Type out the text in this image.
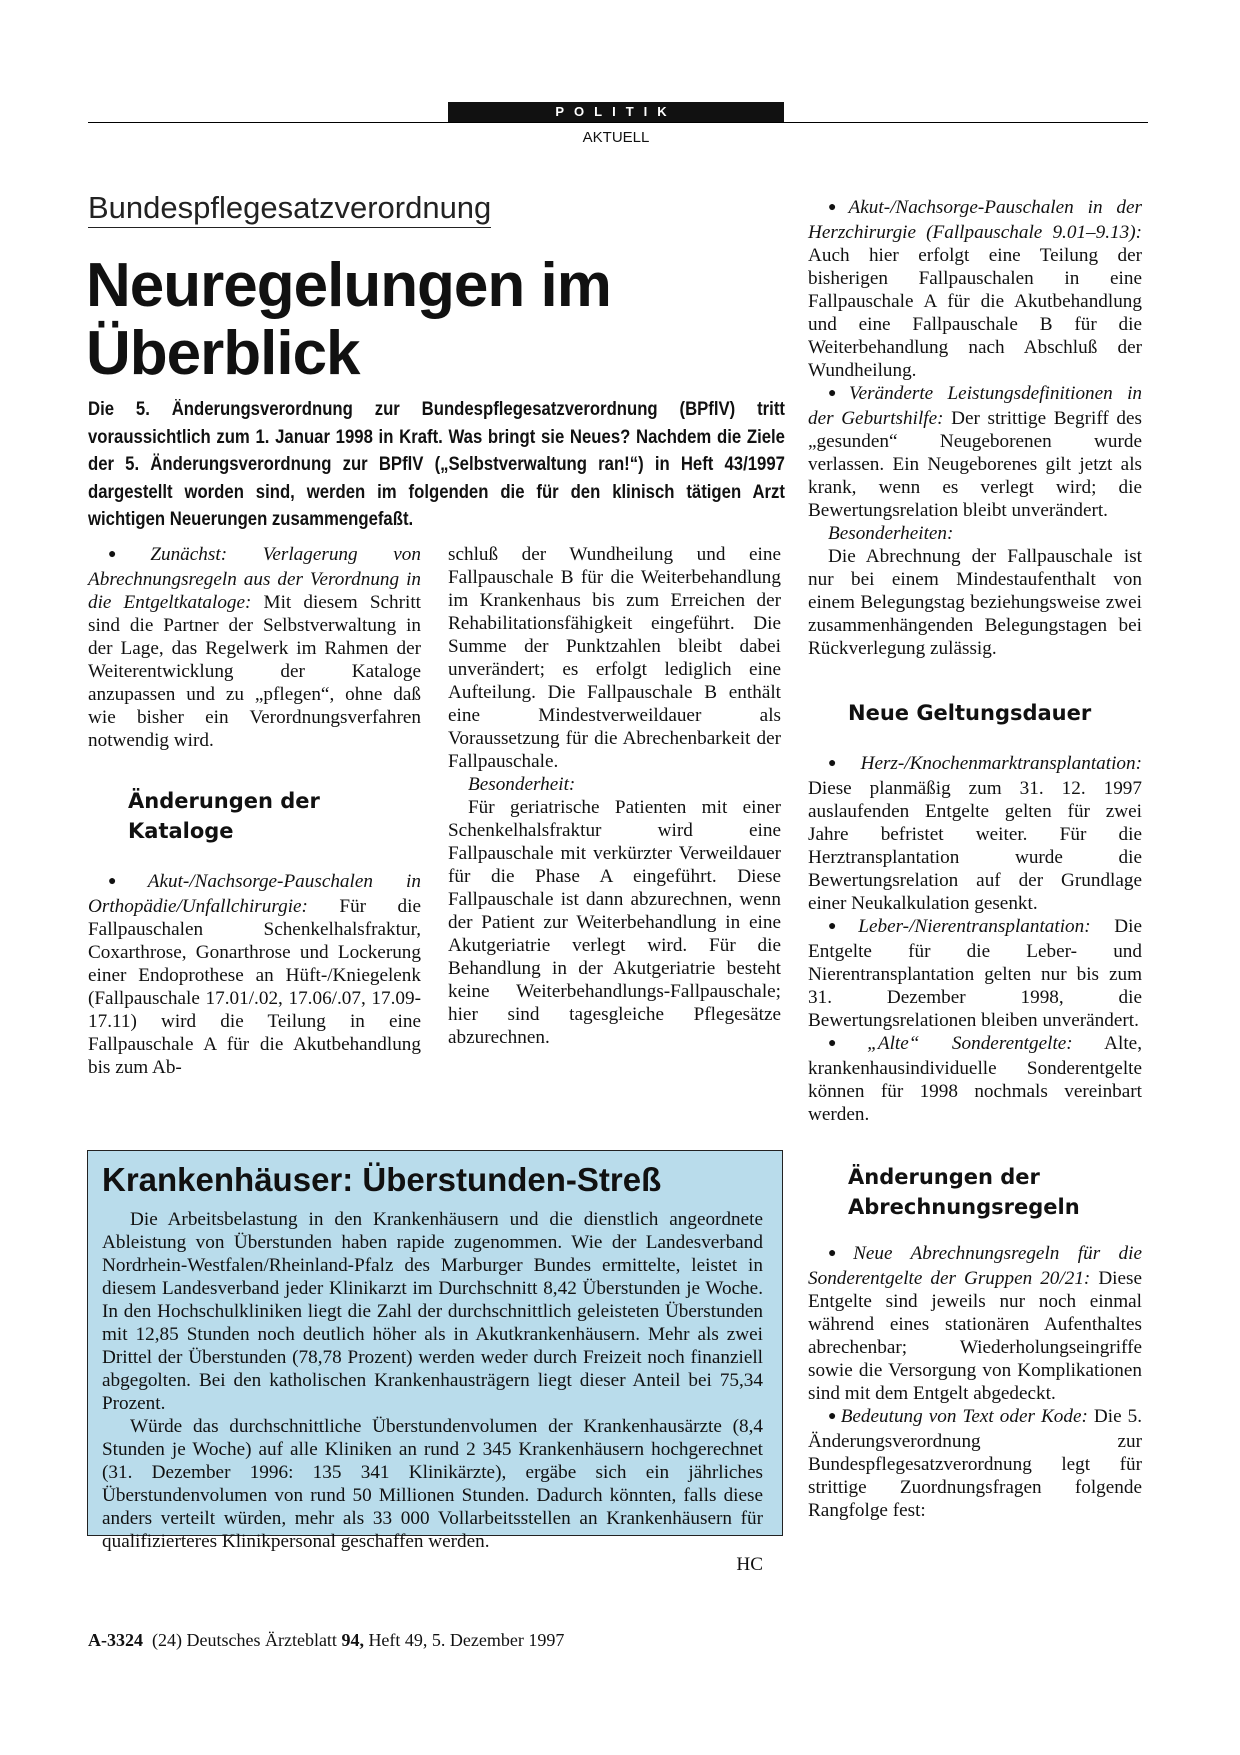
POLITIK
AKTUELL
Bundespflegesatzverordnung
Neuregelungen im
Überblick
Die 5. Änderungsverordnung zur Bundespflegesatzverordnung (BPflV) tritt voraussichtlich zum 1. Januar 1998 in Kraft. Was bringt sie Neues? Nachdem die Ziele der 5. Änderungsverordnung zur BPflV („Selbstverwaltung ran!“) in Heft 43/1997 dargestellt worden sind, werden im folgenden die für den klinisch tätigen Arzt wichtigen Neuerungen zusammengefaßt.

● Zunächst: Verlagerung von Abrechnungsregeln aus der Verordnung in die Entgeltkataloge: Mit diesem Schritt sind die Partner der Selbstverwaltung in der Lage, das Regelwerk im Rahmen der Weiterentwicklung der Kataloge anzupassen und zu „pflegen“, ohne daß wie bisher ein Verordnungsverfahren notwendig wird.

Änderungen der
Kataloge

● Akut-/Nachsorge-Pauschalen in Orthopädie/Unfallchirurgie: Für die Fallpauschalen Schenkelhalsfraktur, Coxarthrose, Gonarthrose und Lockerung einer Endoprothese an Hüft-/Kniegelenk (Fallpauschale 17.01/.02, 17.06/.07, 17.09-17.11) wird die Teilung in eine Fallpauschale A für die Akutbehandlung bis zum Ab-

schluß der Wundheilung und eine Fallpauschale B für die Weiterbehandlung im Krankenhaus bis zum Erreichen der Rehabilitationsfähigkeit eingeführt. Die Summe der Punktzahlen bleibt dabei unverändert; es erfolgt lediglich eine Aufteilung. Die Fallpauschale B enthält eine Mindestverweildauer als Voraussetzung für die Abrechenbarkeit der Fallpauschale.

Besonderheit:

Für geriatrische Patienten mit einer Schenkelhalsfraktur wird eine Fallpauschale mit verkürzter Verweildauer für die Phase A eingeführt. Diese Fallpauschale ist dann abzurechnen, wenn der Patient zur Weiterbehandlung in eine Akutgeriatrie verlegt wird. Für die Behandlung in der Akutgeriatrie besteht keine Weiterbehandlungs-Fallpauschale; hier sind tagesgleiche Pflegesätze abzurechnen.

● Akut-/Nachsorge-Pauschalen in der Herzchirurgie (Fallpauschale 9.01–9.13): Auch hier erfolgt eine Teilung der bisherigen Fallpauschalen in eine Fallpauschale A für die Akutbehandlung und eine Fallpauschale B für die Weiterbehandlung nach Abschluß der Wundheilung.

● Veränderte Leistungsdefinitionen in der Geburtshilfe: Der strittige Begriff des „gesunden“ Neugeborenen wurde verlassen. Ein Neugeborenes gilt jetzt als krank, wenn es verlegt wird; die Bewertungsrelation bleibt unverändert.

Besonderheiten:

Die Abrechnung der Fallpauschale ist nur bei einem Mindestaufenthalt von einem Belegungstag beziehungsweise zwei zusammenhängenden Belegungstagen bei Rückverlegung zulässig.

Neue Geltungsdauer

● Herz-/Knochenmarktransplantation: Diese planmäßig zum 31. 12. 1997 auslaufenden Entgelte gelten für zwei Jahre befristet weiter. Für die Herztransplantation wurde die Bewertungsrelation auf der Grundlage einer Neukalkulation gesenkt.

● Leber-/Nierentransplantation: Die Entgelte für die Leber- und Nierentransplantation gelten nur bis zum 31. Dezember 1998, die Bewertungsrelationen bleiben unverändert.

● „Alte“ Sonderentgelte: Alte, krankenhausindividuelle Sonderentgelte können für 1998 nochmals vereinbart werden.

Änderungen der
Abrechnungsregeln

● Neue Abrechnungsregeln für die Sonderentgelte der Gruppen 20/21: Diese Entgelte sind jeweils nur noch einmal während eines stationären Aufenthaltes abrechenbar; Wiederholungseingriffe sowie die Versorgung von Komplikationen sind mit dem Entgelt abgedeckt.

● Bedeutung von Text oder Kode: Die 5. Änderungsverordnung zur Bundespflegesatzverordnung legt für strittige Zuordnungsfragen folgende Rangfolge fest:

Krankenhäuser: Überstunden-Streß

Die Arbeitsbelastung in den Krankenhäusern und die dienstlich angeordnete Ableistung von Überstunden haben rapide zugenommen. Wie der Landesverband Nordrhein-Westfalen/Rheinland-Pfalz des Marburger Bundes ermittelte, leistet in diesem Landesverband jeder Klinikarzt im Durchschnitt 8,42 Überstunden je Woche. In den Hochschulkliniken liegt die Zahl der durchschnittlich geleisteten Überstunden mit 12,85 Stunden noch deutlich höher als in Akutkrankenhäusern. Mehr als zwei Drittel der Überstunden (78,78 Prozent) werden weder durch Freizeit noch finanziell abgegolten. Bei den katholischen Krankenhausträgern liegt dieser Anteil bei 75,34 Prozent.

Würde das durchschnittliche Überstundenvolumen der Krankenhausärzte (8,4 Stunden je Woche) auf alle Kliniken an rund 2 345 Krankenhäusern hochgerechnet (31. Dezember 1996: 135 341 Klinikärzte), ergäbe sich ein jährliches Überstundenvolumen von rund 50 Millionen Stunden. Dadurch könnten, falls diese anders verteilt würden, mehr als 33 000 Vollarbeitsstellen an Krankenhäusern für qualifizierteres Klinikpersonal geschaffen werden.

HC
A-3324 (24) Deutsches Ärzteblatt 94, Heft 49, 5. Dezember 1997
